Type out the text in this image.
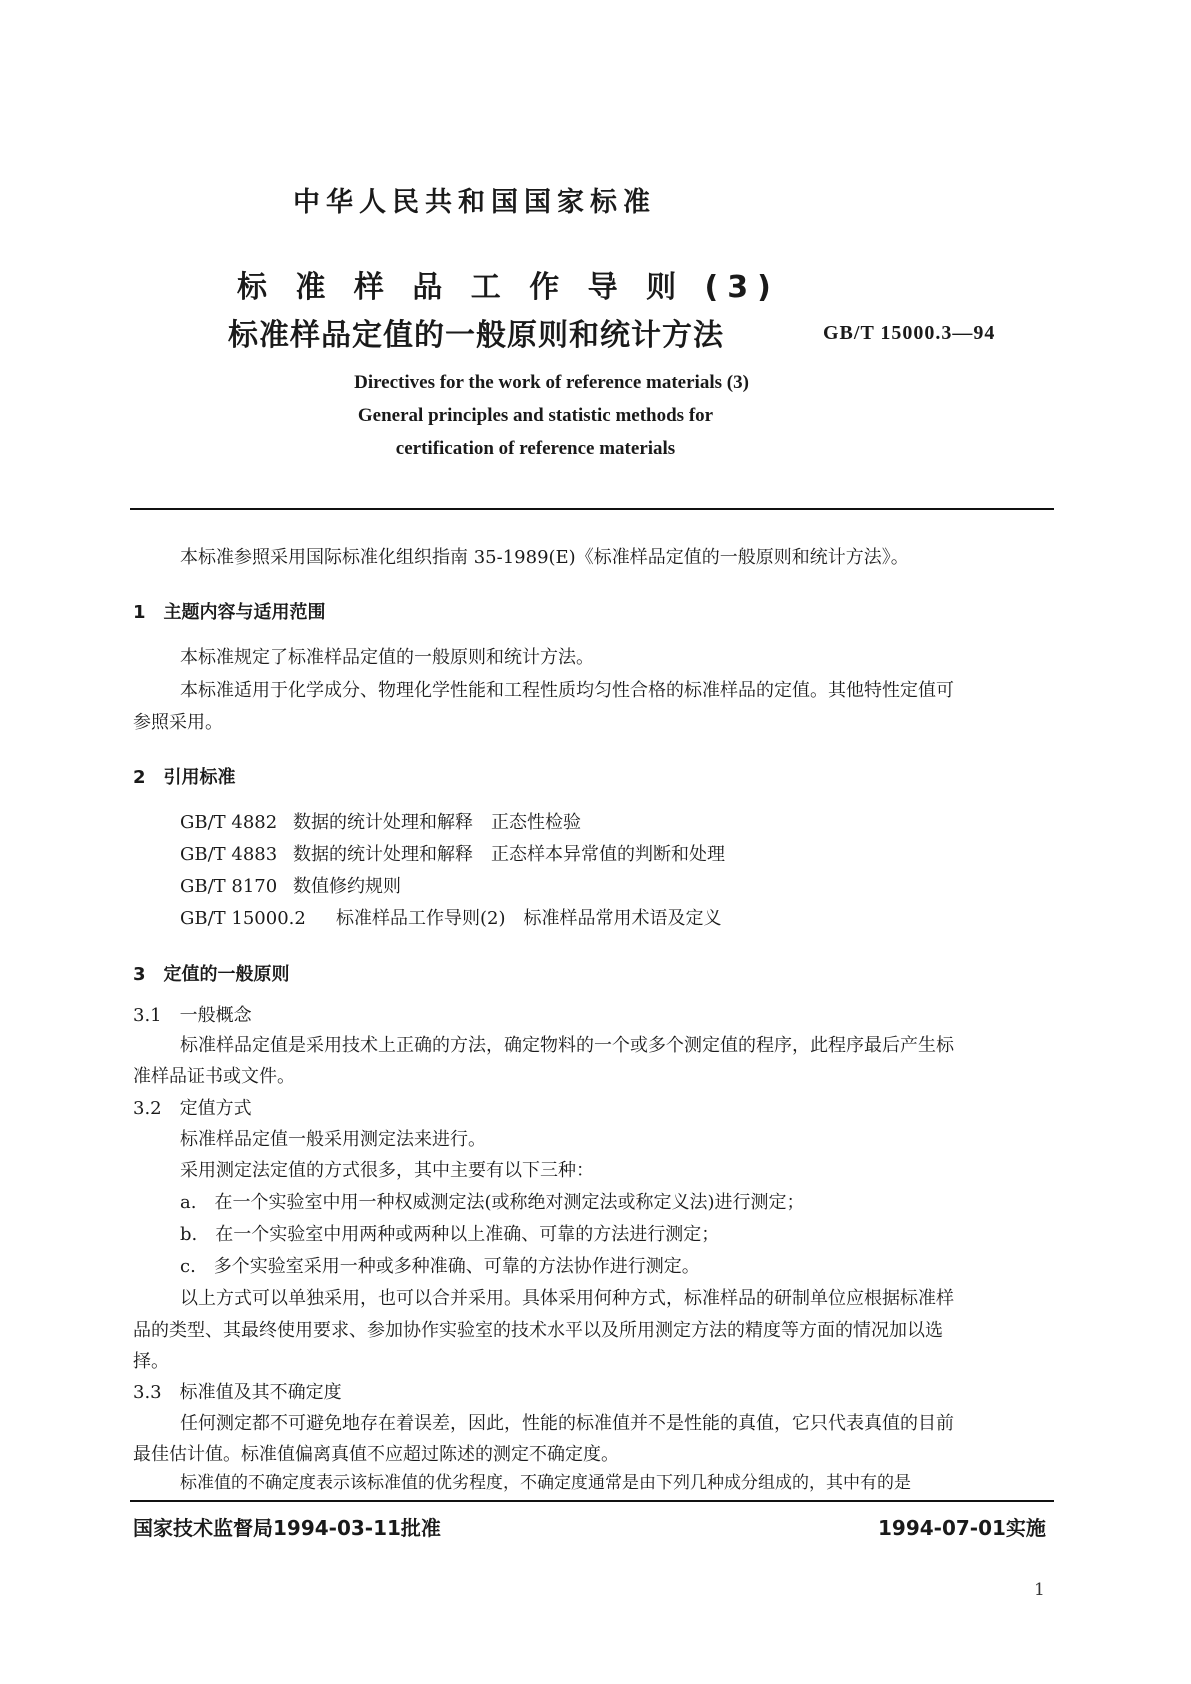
中华人民共和国国家标准
标 准 样 品 工 作 导 则 (3)
标准样品定值的一般原则和统计方法	GB/T 15000.3—94
Directives for the work of reference materials (3)
General principles and statistic methods for
certification of reference materials
本标准参照采用国际标准化组织指南 35-1989(E)《标准样品定值的一般原则和统计方法》。
1　主题内容与适用范围
本标准规定了标准样品定值的一般原则和统计方法。
本标准适用于化学成分、物理化学性能和工程性质均匀性合格的标准样品的定值。其他特性定值可
参照采用。
2　引用标准
GB/T 4882 数据的统计处理和解释　正态性检验
GB/T 4883 数据的统计处理和解释　正态样本异常值的判断和处理
GB/T 8170 数值修约规则
GB/T 15000.2 标准样品工作导则(2)　标准样品常用术语及定义
3　定值的一般原则
3.1　一般概念
标准样品定值是采用技术上正确的方法，确定物料的一个或多个测定值的程序，此程序最后产生标
准样品证书或文件。
3.2　定值方式
标准样品定值一般采用测定法来进行。
采用测定法定值的方式很多，其中主要有以下三种：
a.　在一个实验室中用一种权威测定法(或称绝对测定法或称定义法)进行测定；
b.　在一个实验室中用两种或两种以上准确、可靠的方法进行测定；
c.　多个实验室采用一种或多种准确、可靠的方法协作进行测定。
以上方式可以单独采用，也可以合并采用。具体采用何种方式，标准样品的研制单位应根据标准样
品的类型、其最终使用要求、参加协作实验室的技术水平以及所用测定方法的精度等方面的情况加以选
择。
3.3　标准值及其不确定度
任何测定都不可避免地存在着误差，因此，性能的标准值并不是性能的真值，它只代表真值的目前
最佳估计值。标准值偏离真值不应超过陈述的测定不确定度。
标准值的不确定度表示该标准值的优劣程度，不确定度通常是由下列几种成分组成的，其中有的是
国家技术监督局1994-03-11批准	1994-07-01实施
1
